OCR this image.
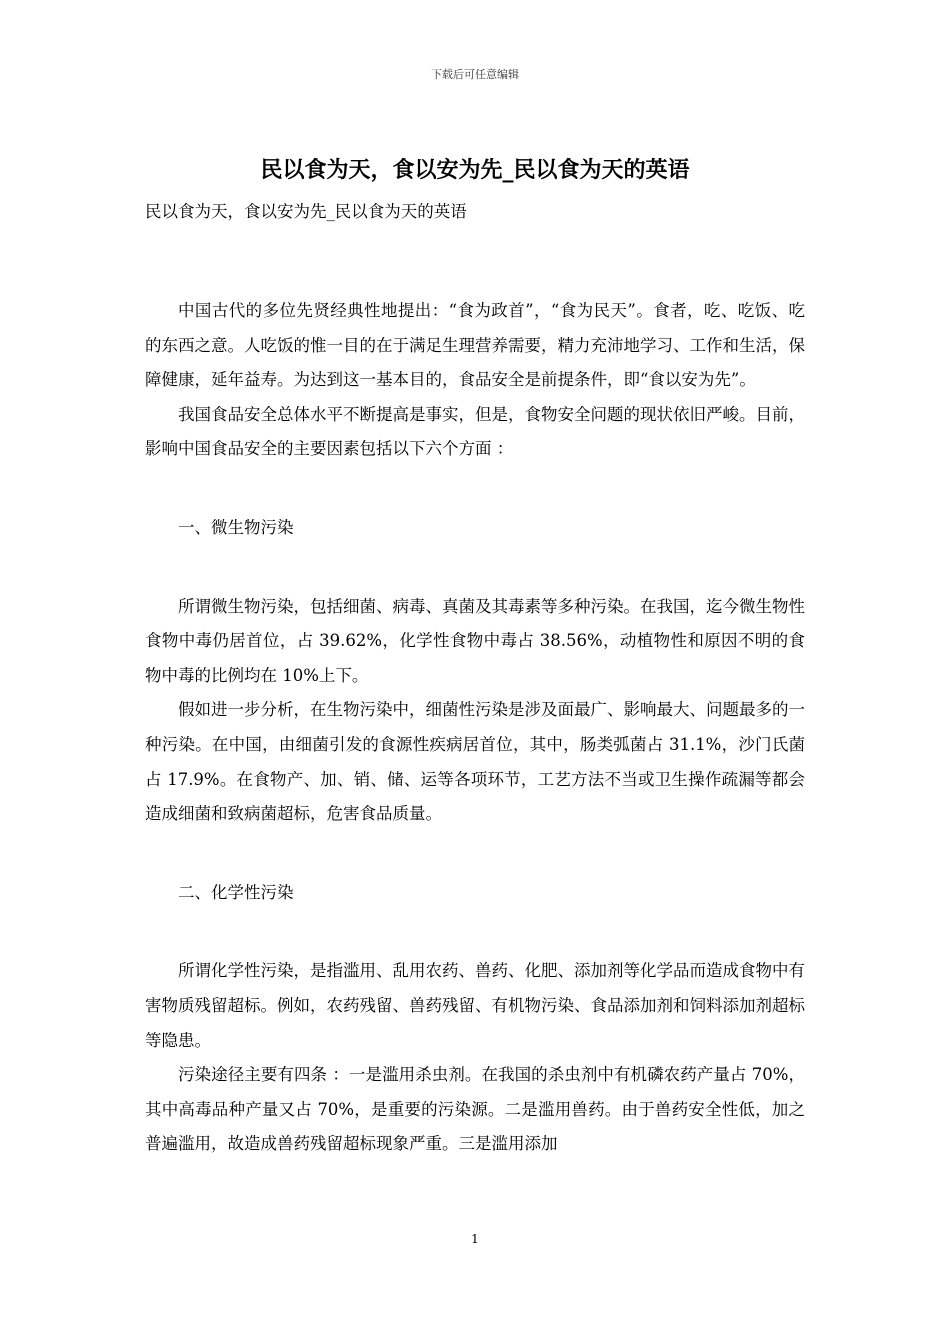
下载后可任意编辑
民以食为天，食以安为先_民以食为天的英语
民以食为天，食以安为先_民以食为天的英语

中国古代的多位先贤经典性地提出：“食为政首”，“食为民天”。食者，吃、吃饭、吃的东西之意。人吃饭的惟一目的在于满足生理营养需要，精力充沛地学习、工作和生活，保障健康，延年益寿。为达到这一基本目的，食品安全是前提条件，即“食以安为先”。

我国食品安全总体水平不断提高是事实，但是，食物安全问题的现状依旧严峻。目前，影响中国食品安全的主要因素包括以下六个方面 ：

一、微生物污染

所谓微生物污染，包括细菌、病毒、真菌及其毒素等多种污染。在我国，迄今微生物性食物中毒仍居首位，占 39.62%，化学性食物中毒占 38.56%，动植物性和原因不明的食物中毒的比例均在 10%上下。

假如进一步分析，在生物污染中，细菌性污染是涉及面最广、影响最大、问题最多的一种污染。在中国，由细菌引发的食源性疾病居首位，其中，肠类弧菌占 31.1%，沙门氏菌占 17.9%。在食物产、加、销、储、运等各项环节，工艺方法不当或卫生操作疏漏等都会造成细菌和致病菌超标，危害食品质量。

二、化学性污染

所谓化学性污染，是指滥用、乱用农药、兽药、化肥、添加剂等化学品而造成食物中有害物质残留超标。例如，农药残留、兽药残留、有机物污染、食品添加剂和饲料添加剂超标等隐患。

污染途径主要有四条 ：一是滥用杀虫剂。在我国的杀虫剂中有机磷农药产量占 70%，其中高毒品种产量又占 70%，是重要的污染源。二是滥用兽药。由于兽药安全性低，加之普遍滥用，故造成兽药残留超标现象严重。三是滥用添加

1
